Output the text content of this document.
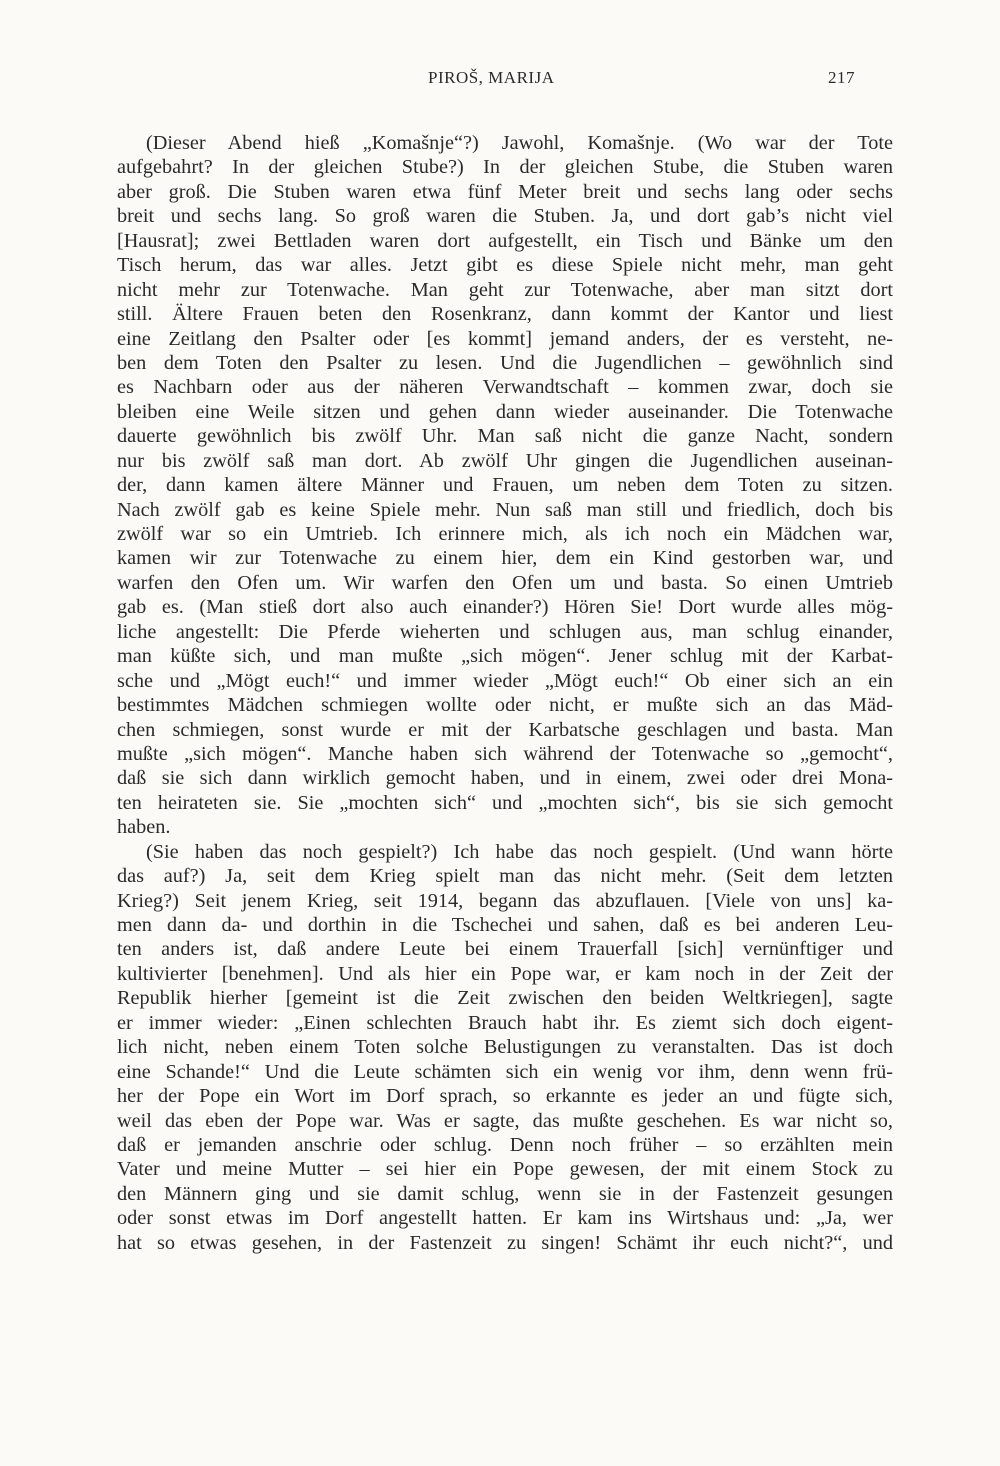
PIROŠ, MARIJA	217
(Dieser Abend hieß „Komašnje“?) Jawohl, Komašnje. (Wo war der Tote
aufgebahrt? In der gleichen Stube?) In der gleichen Stube, die Stuben waren
aber groß. Die Stuben waren etwa fünf Meter breit und sechs lang oder sechs
breit und sechs lang. So groß waren die Stuben. Ja, und dort gab’s nicht viel
[Hausrat]; zwei Bettladen waren dort aufgestellt, ein Tisch und Bänke um den
Tisch herum, das war alles. Jetzt gibt es diese Spiele nicht mehr, man geht
nicht mehr zur Totenwache. Man geht zur Totenwache, aber man sitzt dort
still. Ältere Frauen beten den Rosenkranz, dann kommt der Kantor und liest
eine Zeitlang den Psalter oder [es kommt] jemand anders, der es versteht, ne-
ben dem Toten den Psalter zu lesen. Und die Jugendlichen – gewöhnlich sind
es Nachbarn oder aus der näheren Verwandtschaft – kommen zwar, doch sie
bleiben eine Weile sitzen und gehen dann wieder auseinander. Die Totenwache
dauerte gewöhnlich bis zwölf Uhr. Man saß nicht die ganze Nacht, sondern
nur bis zwölf saß man dort. Ab zwölf Uhr gingen die Jugendlichen auseinan-
der, dann kamen ältere Männer und Frauen, um neben dem Toten zu sitzen.
Nach zwölf gab es keine Spiele mehr. Nun saß man still und friedlich, doch bis
zwölf war so ein Umtrieb. Ich erinnere mich, als ich noch ein Mädchen war,
kamen wir zur Totenwache zu einem hier, dem ein Kind gestorben war, und
warfen den Ofen um. Wir warfen den Ofen um und basta. So einen Umtrieb
gab es. (Man stieß dort also auch einander?) Hören Sie! Dort wurde alles mög-
liche angestellt: Die Pferde wieherten und schlugen aus, man schlug einander,
man küßte sich, und man mußte „sich mögen“. Jener schlug mit der Karbat-
sche und „Mögt euch!“ und immer wieder „Mögt euch!“ Ob einer sich an ein
bestimmtes Mädchen schmiegen wollte oder nicht, er mußte sich an das Mäd-
chen schmiegen, sonst wurde er mit der Karbatsche geschlagen und basta. Man
mußte „sich mögen“. Manche haben sich während der Totenwache so „gemocht“,
daß sie sich dann wirklich gemocht haben, und in einem, zwei oder drei Mona-
ten heirateten sie. Sie „mochten sich“ und „mochten sich“, bis sie sich gemocht
haben.
(Sie haben das noch gespielt?) Ich habe das noch gespielt. (Und wann hörte
das auf?) Ja, seit dem Krieg spielt man das nicht mehr. (Seit dem letzten
Krieg?) Seit jenem Krieg, seit 1914, begann das abzuflauen. [Viele von uns] ka-
men dann da- und dorthin in die Tschechei und sahen, daß es bei anderen Leu-
ten anders ist, daß andere Leute bei einem Trauerfall [sich] vernünftiger und
kultivierter [benehmen]. Und als hier ein Pope war, er kam noch in der Zeit der
Republik hierher [gemeint ist die Zeit zwischen den beiden Weltkriegen], sagte
er immer wieder: „Einen schlechten Brauch habt ihr. Es ziemt sich doch eigent-
lich nicht, neben einem Toten solche Belustigungen zu veranstalten. Das ist doch
eine Schande!“ Und die Leute schämten sich ein wenig vor ihm, denn wenn frü-
her der Pope ein Wort im Dorf sprach, so erkannte es jeder an und fügte sich,
weil das eben der Pope war. Was er sagte, das mußte geschehen. Es war nicht so,
daß er jemanden anschrie oder schlug. Denn noch früher – so erzählten mein
Vater und meine Mutter – sei hier ein Pope gewesen, der mit einem Stock zu
den Männern ging und sie damit schlug, wenn sie in der Fastenzeit gesungen
oder sonst etwas im Dorf angestellt hatten. Er kam ins Wirtshaus und: „Ja, wer
hat so etwas gesehen, in der Fastenzeit zu singen! Schämt ihr euch nicht?“, und
